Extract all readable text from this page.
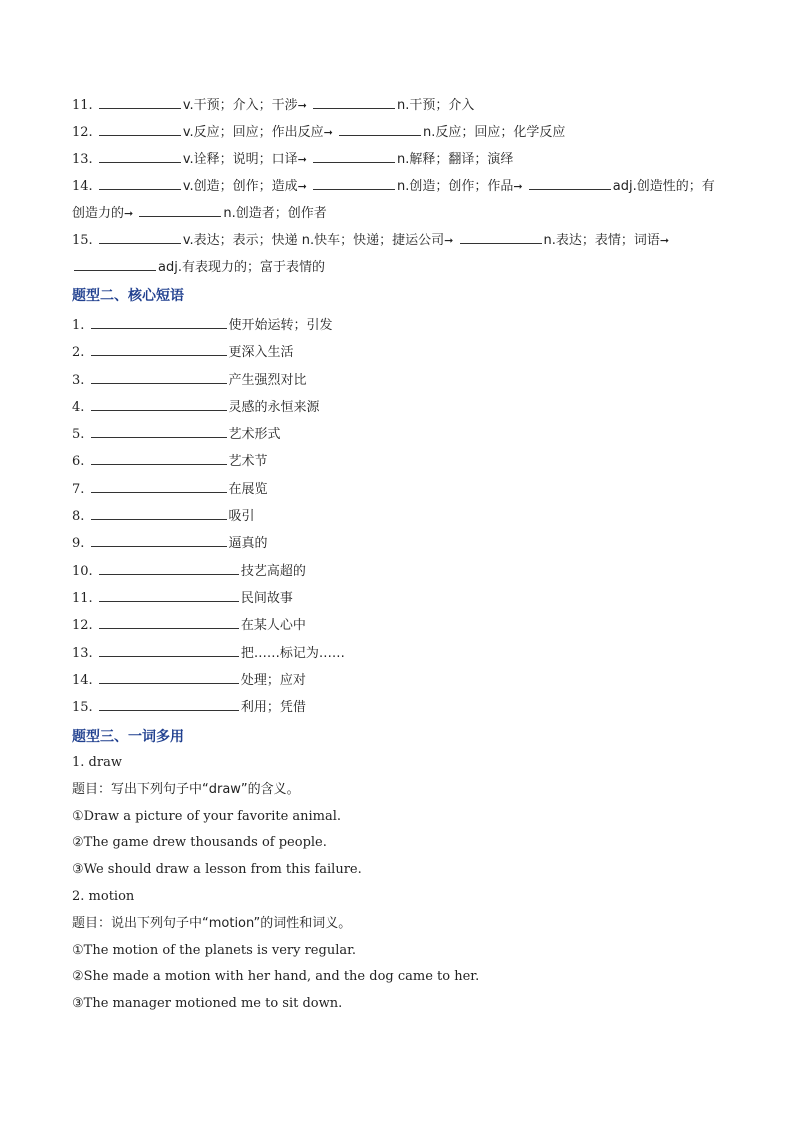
11.	v.干预；介入；干涉➞	n.干预；介入
12.	v.反应；回应；作出反应➞	n.反应；回应；化学反应
13.	v.诠释；说明；口译➞	n.解释；翻译；演绎
14.	v.创造；创作；造成➞	n.创造；创作；作品➞	adj.创造性的；有
创造力的➞	n.创造者；创作者
15.	v.表达；表示；快递 n.快车；快递；捷运公司➞	n.表达；表情；词语➞
adj.有表现力的；富于表情的
题型二、核心短语
1.	使开始运转；引发
2.	更深入生活
3.	产生强烈对比
4.	灵感的永恒来源
5.	艺术形式
6.	艺术节
7.	在展览
8.	吸引
9.	逼真的
10.	技艺高超的
11.	民间故事
12.	在某人心中
13.	把……标记为……
14.	处理；应对
15.	利用；凭借
题型三、一词多用
1. draw
题目：写出下列句子中“draw”的含义。
①Draw a picture of your favorite animal.
②The game drew thousands of people.
③We should draw a lesson from this failure.
2. motion
题目：说出下列句子中“motion”的词性和词义。
①The motion of the planets is very regular.
②She made a motion with her hand, and the dog came to her.
③The manager motioned me to sit down.
